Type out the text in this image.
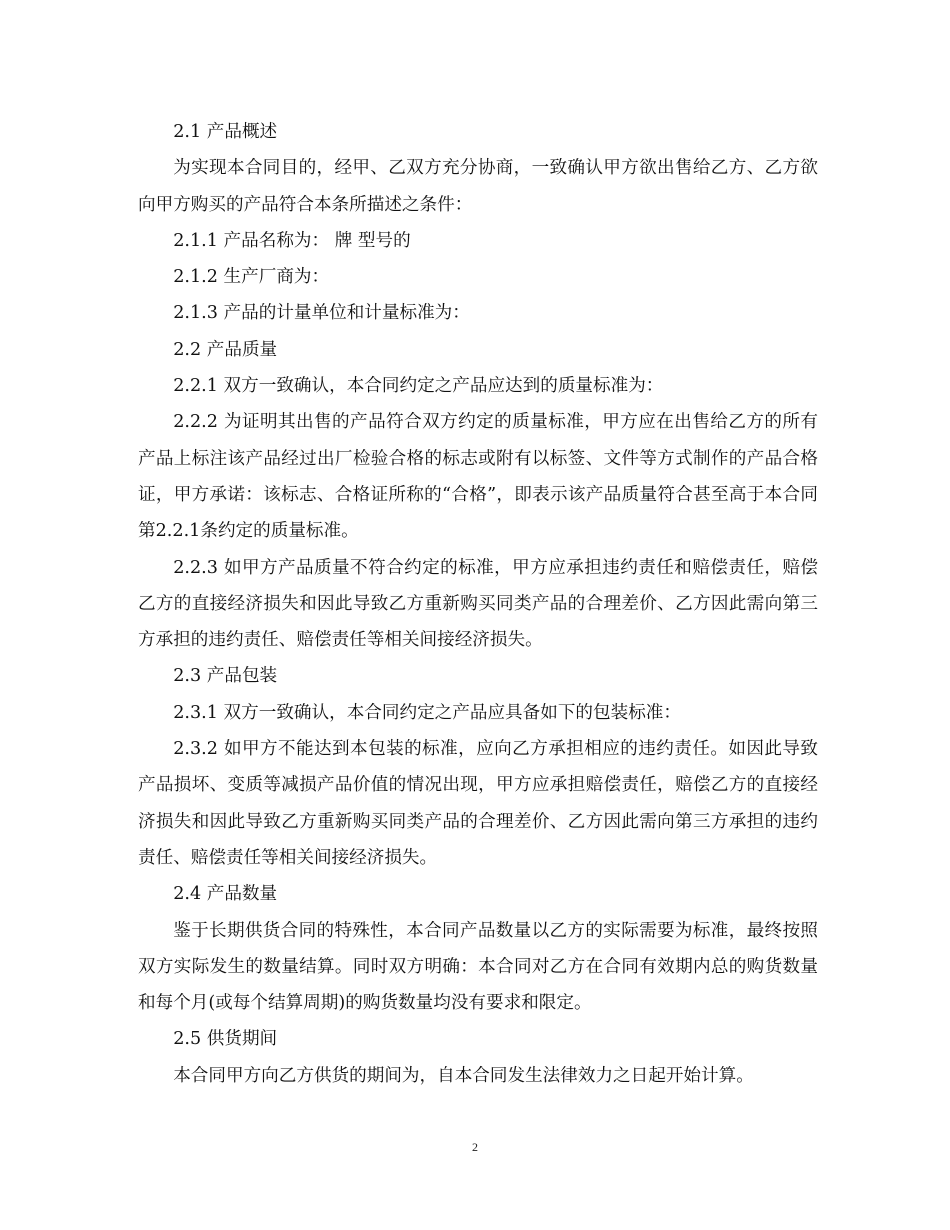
2.1 产品概述

为实现本合同目的，经甲、乙双方充分协商，一致确认甲方欲出售给乙方、乙方欲向甲方购买的产品符合本条所描述之条件：

2.1.1 产品名称为： 牌 型号的

2.1.2 生产厂商为：

2.1.3 产品的计量单位和计量标准为：

2.2 产品质量

2.2.1 双方一致确认，本合同约定之产品应达到的质量标准为：

2.2.2 为证明其出售的产品符合双方约定的质量标准，甲方应在出售给乙方的所有产品上标注该产品经过出厂检验合格的标志或附有以标签、文件等方式制作的产品合格证，甲方承诺：该标志、合格证所称的“合格”，即表示该产品质量符合甚至高于本合同第2.2.1条约定的质量标准。

2.2.3 如甲方产品质量不符合约定的标准，甲方应承担违约责任和赔偿责任，赔偿乙方的直接经济损失和因此导致乙方重新购买同类产品的合理差价、乙方因此需向第三方承担的违约责任、赔偿责任等相关间接经济损失。

2.3 产品包装

2.3.1 双方一致确认，本合同约定之产品应具备如下的包装标准：

2.3.2 如甲方不能达到本包装的标准，应向乙方承担相应的违约责任。如因此导致产品损坏、变质等减损产品价值的情况出现，甲方应承担赔偿责任，赔偿乙方的直接经济损失和因此导致乙方重新购买同类产品的合理差价、乙方因此需向第三方承担的违约责任、赔偿责任等相关间接经济损失。

2.4 产品数量

鉴于长期供货合同的特殊性，本合同产品数量以乙方的实际需要为标准，最终按照双方实际发生的数量结算。同时双方明确：本合同对乙方在合同有效期内总的购货数量和每个月(或每个结算周期)的购货数量均没有要求和限定。

2.5 供货期间

本合同甲方向乙方供货的期间为，自本合同发生法律效力之日起开始计算。

2
